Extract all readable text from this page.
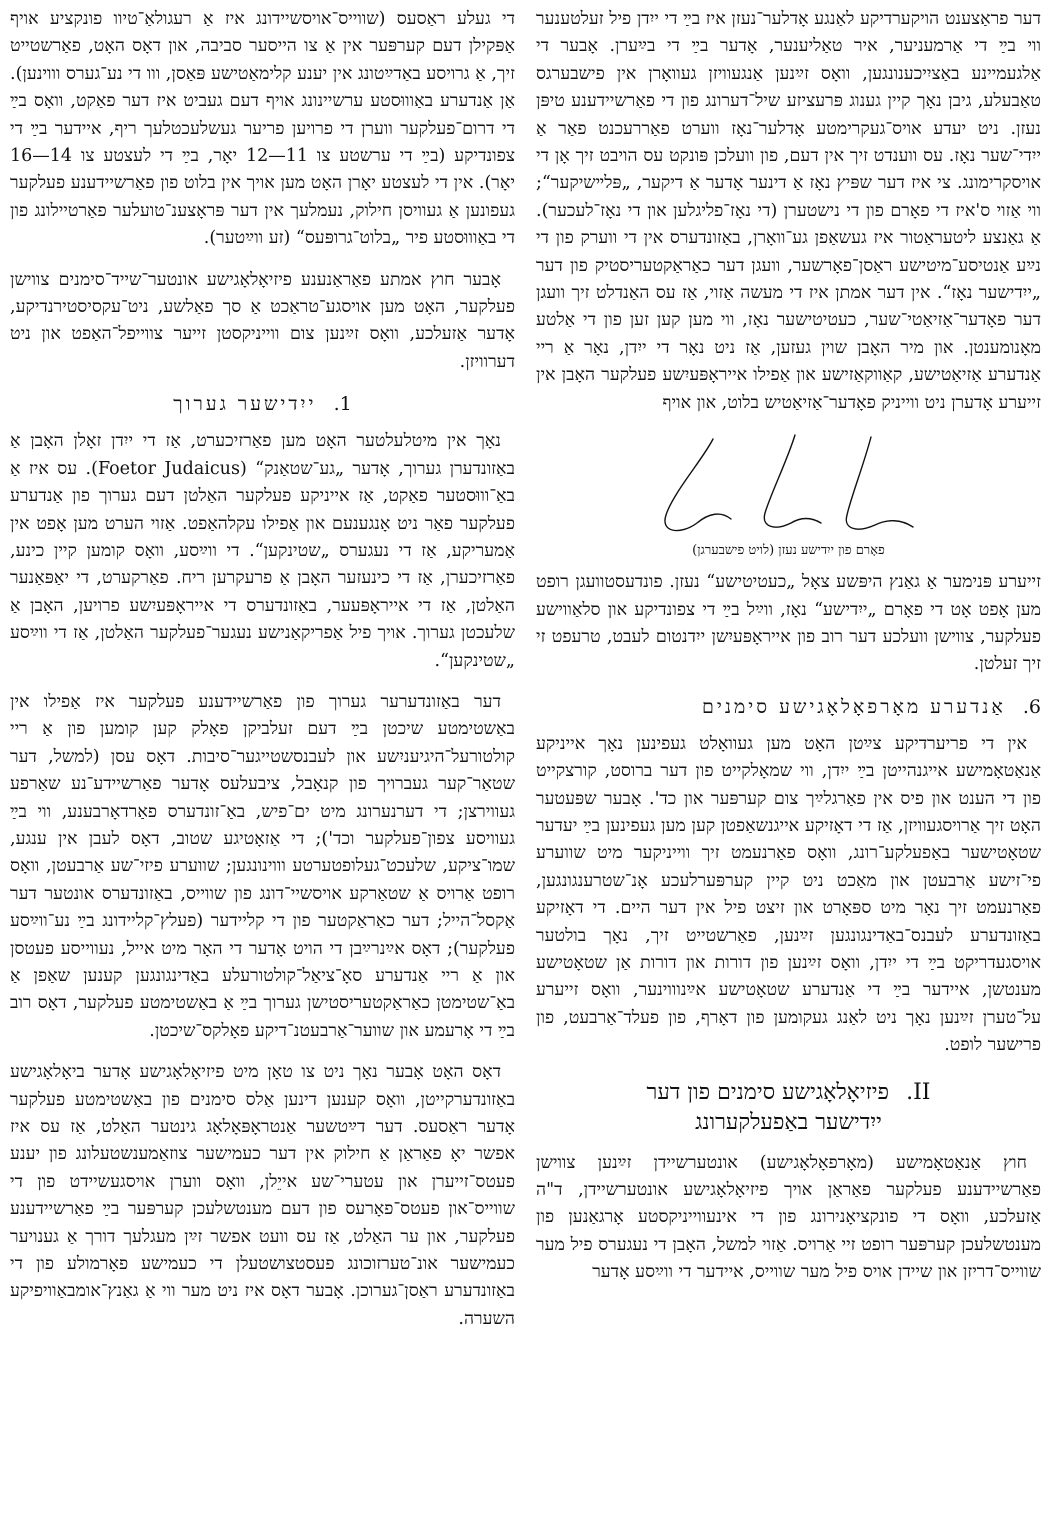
דער פראַצענט הויקערדיקע לאַנגע אָדלער־נעזן איז בײַ די ייִדן פיל זעלטענער ווי בײַ די אַרמעניער, איר טאַליענער, אָדער בײַ די בײַערן. אָבער די אַלגעמיינע באַציִיכענונגען, וואָס זײַנען אַנגעוויזן געוואָרן אין פישבערגס טאַבעלע, גיבן נאָך קיין גענוג פּרעציזע שיל־דערונג פון די פאַרשיידענע טיפּן נעזן. ניט יעדע אויס־געקרימטע אָדלער־נאָז ווערט פאַררעכנט פאַר אַ ייִדי־שער נאָז. עס ווענדט זיך אין דעם, פון וועלכן פּונקט עס הויבט זיך אָן די אויסקרימונג. צי איז דער שפּיץ נאָז אַ דינער אָדער אַ דיקער, „פּלײשיקער“; ווי אַזוי ס'איז די פאָרם פון די נישטערן (די נאָז־פליגלען און די נאָז־לעכער). אַ גאַנצע ליטעראַטור איז געשאַפן גע־וואָרן, באַזונדערס אין די ווערק פון די נײַע אַנטיסע־מיטישע ראַסן־פאָרשער, וועגן דער כאַראַקטעריסטיק פון דער „ייִדישער נאָז“. אין דער אמתן איז די מעשה אַזוי, אַז עס האַנדלט זיך וועגן דער פאָדער־אַזיאַטי־שער, כעטיטישער נאָז, ווי מען קען זען פון די אַלטע מאָנומענטן. און מיר האָבן שוין געזען, אַז ניט נאָר די ייִדן, נאָר אַ ריי אַנדערע אַזיאַטישע, קאַווקאַזישע און אַפילו אייראָפּעיִשע פעלקער האָבן אין זייערע אָדערן ניט ווייניק פאָדער־אַזיאַטיש בלוט, און אויף

פאָרם פון ייִדישע נעזן (לויט פישבערגן)

זייערע פּנימער אַ גאַנץ היפּשע צאָל „כעטיטישע“ נעזן. פונדעסטוועגן רופט מען אָפט אָט די פאָרם „ייִדישע“ נאָז, ווײַל בײַ די צפונדיקע און סלאַווישע פעלקער, צווישן וועלכע דער רוב פון אייראָפּעיִשן ייִדנטום לעבט, טרעפט זי זיך זעלטן.

6. אַנדערע מאָרפאָלאָגישע סימנים

אין די פריערדיקע צײַטן האָט מען געוואָלט געפינען נאָך אייניקע אַנאַטאָמישע אייגנהייטן בײַ ייִדן, ווי שמאָלקייט פון דער ברוסט, קורצקייט פון די הענט און פיס אין פאַרגלײַך צום קערפּער און כד'. אָבער שפּעטער האָט זיך אַרויסגעוויזן, אַז די דאָזיקע אייגנשאַפטן קען מען געפינען בײַ יעדער שטאָטישער באַפעלקע־רונג, וואָס פאַרנעמט זיך ווייניקער מיט שווערע פי־זישע אַרבעטן און מאַכט ניט קיין קערפּערלעכע אָנ־שטרענגונגען, פאַרנעמט זיך נאָר מיט ספּאָרט און זיצט פיל אין דער היים. די דאָזיקע באַזונדערע לעבנס־באַדינגונגען זײַנען, פאַרשטייט זיך, נאָך בולטער אויסגעדריקט בײַ די ייִדן, וואָס זײַנען פון דורות און דורות אַן שטאָטישע מענטשן, איידער בײַ די אַנדערע שטאָטישע אײַנוווינער, וואָס זייערע על־טערן זײַנען נאָך ניט לאַנג געקומען פון דאָרף, פון פעלד־אַרבעט, פון פרישער לופט.

II. פיזיאָלאָגישע סימנים פון דער
ייִדישער באַפעלקערונג

חוץ אַנאַטאָמישע (מאָרפאָלאָגישע) אונטערשיידן זײַנען צווישן פאַרשיידענע פעלקער פאַראַן אויך פיזיאָלאָגישע אונטערשיידן, ד"ה אַזעלכע, וואָס די פונקציאָנירונג פון די אינעווייניקסטע אָרגאַנען פון מענטשלעכן קערפּער רופט זיי אַרויס. אַזוי למשל, האָבן די נעגערס פיל מער שווייס־דריזן און שיידן אויס פיל מער שווייס, איידער די ווײַסע אָדער

די געלע ראַסעס (שווייס־אויסשיידונג איז אַ רעגולאַ־טיוו פונקציע אויף אַפּקילן דעם קערפּער אין אַ צו הייסער סביבה, און דאָס האָט, פאַרשטייט זיך, אַ גרויסע באַדײַטונג אין יענע קלימאַטישע פּאַסן, ווו די נע־גערס וווינען). אַן אַנדערע באַוווּסטע ערשיינונג אויף דעם געביט איז דער פאַקט, וואָס בײַ די דרום־פעלקער ווערן די פרויען פריער געשלעכטלעך ריף, איידער בײַ די צפונדיקע (בײַ די ערשטע צו 11—12 יאָר, בײַ די לעצטע צו 14—16 יאָר). אין די לעצטע יאָרן האָט מען אויך אין בלוט פון פאַרשיידענע פעלקער געפונען אַ געוויסן חילוק, נעמלעך אין דער פּראָצענ־טועלער פאַרטיילונג פון די באַוווּסטע פיר „בלוט־גרופּעס“ (זע ווײַטער).

אָבער חוץ אמתע פאַראַנענע פיזיאָלאָגישע אונטער־שייד־סימנים צווישן פעלקער, האָט מען אויסגע־טראַכט אַ סך פאַלשע, ניט־עקסיסטירנדיקע, אָדער אַזעלכע, וואָס זײַנען צום ווייניקסטן זייער צווייפל־האַפט און ניט דערוויזן.

1. ייִדישער גערוך

נאָך אין מיטלעלטער האָט מען פאַרזיכערט, אַז די ייִדן זאָלן האָבן אַ באַזונדערן גערוך, אָדער „גע־שטאַנק“ (Foetor Judaicus). עס איז אַ באַ־וווּסטער פאַקט, אַז אייניקע פעלקער האַלטן דעם גערוך פון אַנדערע פעלקער פאַר ניט אָנגענעם און אַפילו עקלהאַפט. אַזוי הערט מען אָפט אין אַמעריקע, אַז די נעגערס „שטינקען“. די ווײַסע, וואָס קומען קיין כינע, פאַרזיכערן, אַז די כינעזער האָבן אַ פרעקרען ריח. פאַרקערט, די יאַפּאַנער האַלטן, אַז די אייראָפּעער, באַזונדערס די אייראָפּעיִשע פרויען, האָבן אַ שלעכטן גערוך. אויך פיל אַפריקאַנישע נעגער־פעלקער האַלטן, אַז די ווײַסע „שטינקען“.

דער באַזונדערער גערוך פון פאַרשיידענע פעלקער איז אַפילו אין באַשטימטע שיכטן בײַ דעם זעלביקן פאָלק קען קומען פון אַ ריי קולטורעל־היגיעניִשע און לעבנסשטייגער־סיבות. דאָס עסן (למשל, דער שטאַר־קער געברויך פון קנאָבל, ציבעלעס אָדער פאַרשיידע־נע שאַרפע געווירצן; די דערנערונג מיט ים־פיש, באַ־זונדערס פאַרדאָרבענע, ווי בײַ געוויסע צפון־פעלקער וכד'); די אַזאָטיגע שטוב, דאָס לעבן אין ענגע, שמו־ציקע, שלעכט־געלופטערטע וווינונגען; שווערע פיזי־שע אַרבעטן, וואָס רופט אַרויס אַ שטאַרקע אויסשיי־דונג פון שווייס, באַזונדערס אונטער דער אַקסל־הייל; דער כאַראַקטער פון די קליידער (פעלץ־קליידונג בײַ נע־ווײַסע פעלקער); דאָס אײַנרײַבן די הויט אָדער די האָר מיט אייל, נעווייסע פעטסן און אַ ריי אַנדערע סאָ־ציאַל־קולטורעלע באַדינגונגען קענען שאַפן אַ באַ־שטימטן כאַראַקטעריסטישן גערוך בײַ אַ באַשטימטע פעלקער, דאָס רוב בײַ די אָרעמע און שווער־אַרבעטנ־דיקע פאָלקס־שיכטן.

דאָס האָט אָבער נאָך ניט צו טאָן מיט פיזיאָלאָגישע אָדער ביאָלאָגישע באַזונדערקייטן, וואָס קענען דינען אַלס סימנים פון באַשטימטע פעלקער אָדער ראַסעס. דער דײַטשער אַנטראָפּאָלאָג גינטער האַלט, אַז עס איז אפשר יאָ פאַראַן אַ חילוק אין דער כעמישער צוזאַמענשטעלונג פון יענע פעטס־זייערן און עטערי־שע אייֵלן, וואָס ווערן אויסגעשיידט פון די שווייס־און פעטס־פאָרעס פון דעם מענטשלעכן קערפּער בײַ פאַרשיידענע פעלקער, און ער האַלט, אַז עס וועט אפשר זײַן מעגלעך דורך אַ גענויער כעמישער אונ־טערזוכונג פעסטצושטעלן די כעמישע פאָרמולע פון די באַזונדערע ראַסן־גערוכן. אָבער דאָס איז ניט מער ווי אַ גאַנץ־אומבאַוויפיקע השערה.
